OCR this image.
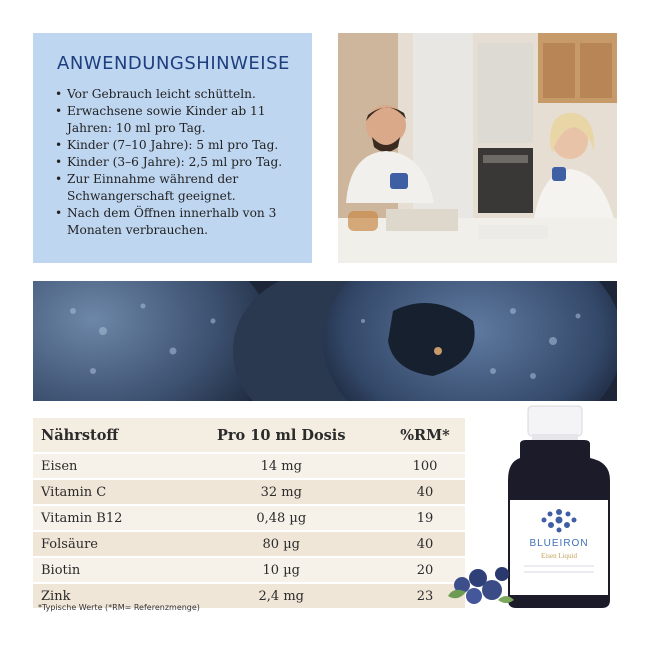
ANWENDUNGSHINWEISE
• Vor Gebrauch leicht schütteln.
• Erwachsene sowie Kinder ab 11 Jahren: 10 ml pro Tag.
• Kinder (7–10 Jahre): 5 ml pro Tag.
• Kinder (3–6 Jahre): 2,5 ml pro Tag.
• Zur Einnahme während der Schwangerschaft geeignet.
• Nach dem Öffnen innerhalb von 3 Monaten verbrauchen.
Nährstoff	Pro 10 ml Dosis	%RM*
Eisen	14 mg	100
Vitamin C	32 mg	40
Vitamin B12	0,48 µg	19
Folsäure	80 µg	40
Biotin	10 µg	20
Zink	2,4 mg	23
*Typische Werte (*RM= Referenzmenge)
BLUEIRON
Eisen Liquid
